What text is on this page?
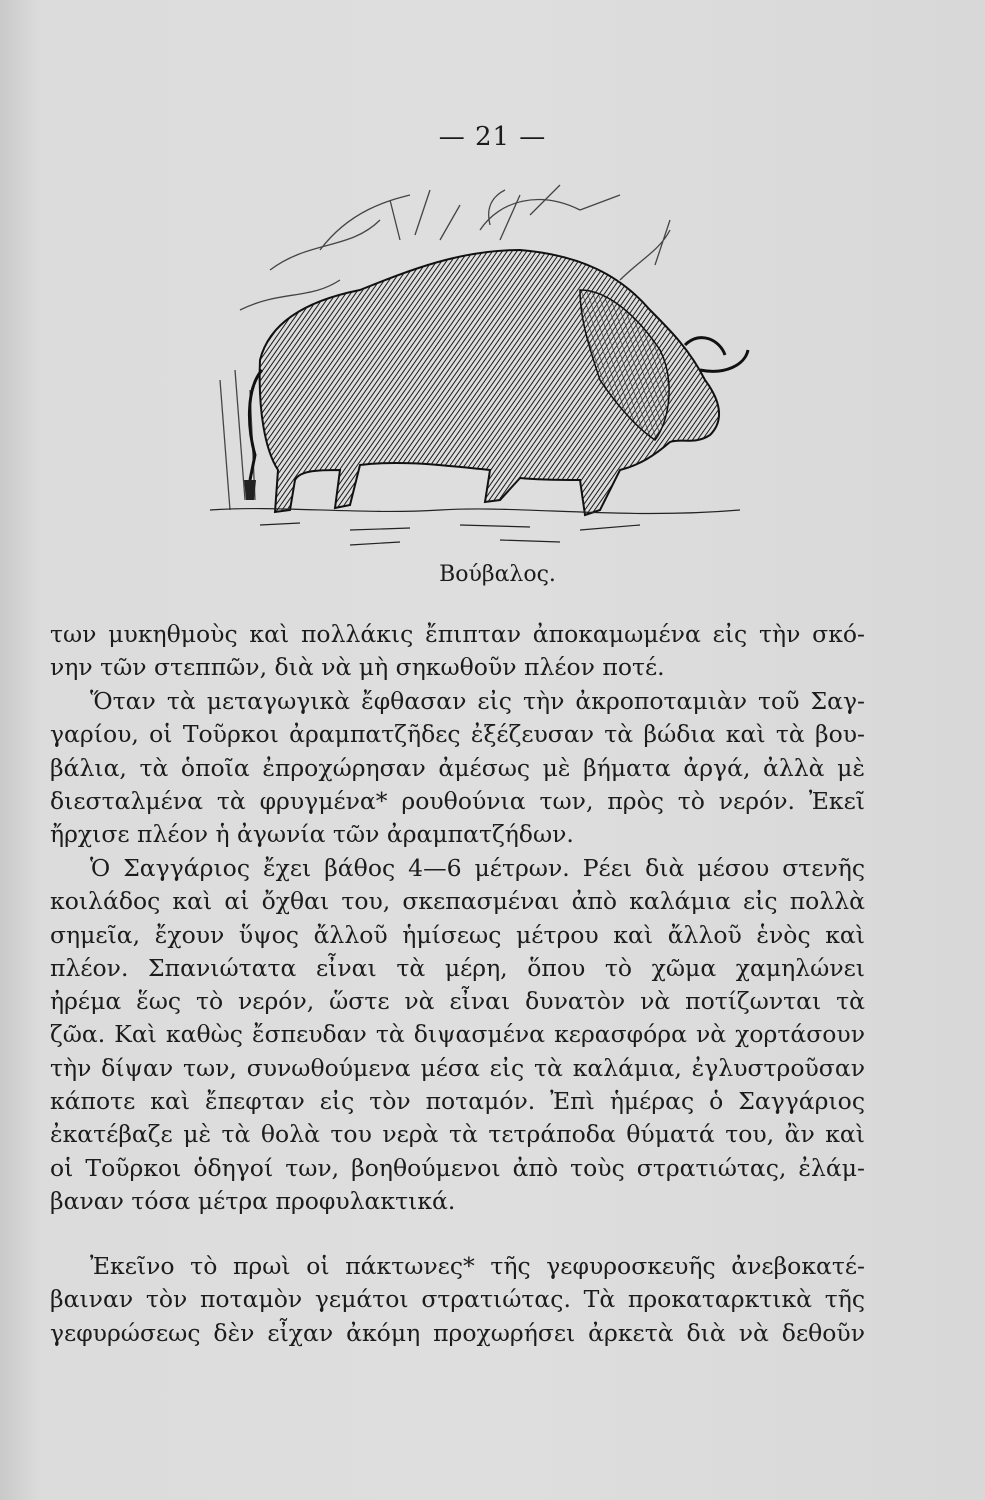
— 21 —
Βούβαλος.

των μυκηθμοὺς καὶ πολλάκις ἔπιπταν ἀποκαμωμένα εἰς τὴν σκό-
νην τῶν στεππῶν, διὰ νὰ μὴ σηκωθοῦν πλέον ποτέ.

Ὅταν τὰ μεταγωγικὰ ἔφθασαν εἰς τὴν ἀκροποταμιὰν τοῦ Σαγ-
γαρίου, οἱ Τοῦρκοι ἀραμπατζῆδες ἐξέζευσαν τὰ βώδια καὶ τὰ βου-
βάλια, τὰ ὁποῖα ἐπροχώρησαν ἀμέσως μὲ βήματα ἀργά, ἀλλὰ μὲ
διεσταλμένα τὰ φρυγμένα* ρουθούνια των, πρὸς τὸ νερόν. Ἐκεῖ
ἤρχισε πλέον ἡ ἀγωνία τῶν ἀραμπατζήδων.

Ὁ Σαγγάριος ἔχει βάθος 4—6 μέτρων. Ρέει διὰ μέσου στενῆς
κοιλάδος καὶ αἱ ὄχθαι του, σκεπασμέναι ἀπὸ καλάμια εἰς πολλὰ
σημεῖα, ἔχουν ὕψος ἄλλοῦ ἡμίσεως μέτρου καὶ ἄλλοῦ ἑνὸς καὶ
πλέον. Σπανιώτατα εἶναι τὰ μέρη, ὅπου τὸ χῶμα χαμηλώνει
ἠρέμα ἕως τὸ νερόν, ὥστε νὰ εἶναι δυνατὸν νὰ ποτίζωνται τὰ
ζῶα. Καὶ καθὼς ἔσπευδαν τὰ διψασμένα κερασφόρα νὰ χορτάσουν
τὴν δίψαν των, συνωθούμενα μέσα εἰς τὰ καλάμια, ἐγλυστροῦσαν
κάποτε καὶ ἔπεφταν εἰς τὸν ποταμόν. Ἐπὶ ἡμέρας ὁ Σαγγάριος
ἐκατέβαζε μὲ τὰ θολὰ του νερὰ τὰ τετράποδα θύματά του, ἂν καὶ
οἱ Τοῦρκοι ὁδηγοί των, βοηθούμενοι ἀπὸ τοὺς στρατιώτας, ἐλάμ-
βαναν τόσα μέτρα προφυλακτικά.

Ἐκεῖνο τὸ πρωὶ οἱ πάκτωνες* τῆς γεφυροσκευῆς ἀνεβοκατέ-
βαιναν τὸν ποταμὸν γεμάτοι στρατιώτας. Τὰ προκαταρκτικὰ τῆς
γεφυρώσεως δὲν εἶχαν ἀκόμη προχωρήσει ἀρκετὰ διὰ νὰ δεθοῦν
